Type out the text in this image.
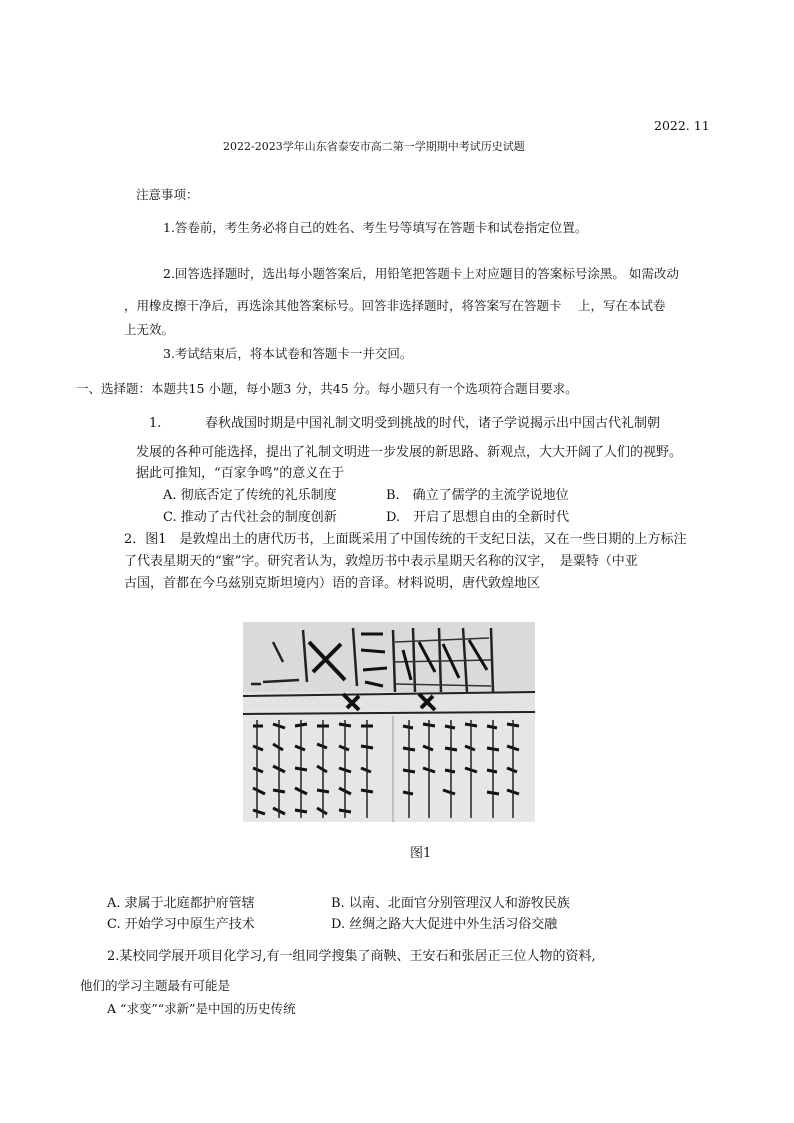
2022. 11
2022-2023学年山东省泰安市高二第一学期期中考试历史试题
注意事项：
1.答卷前，考生务必将自己的姓名、考生号等填写在答题卡和试卷指定位置。
2.回答选择题时，选出每小题答案后，用铅笔把答题卡上对应题目的答案标号涂黑。 如需改动
，用橡皮擦干净后，再选涂其他答案标号。回答非选择题时，将答案写在答题卡　 上，写在本试卷
上无效。
3.考试结束后，将本试卷和答题卡一并交回。
一、选择题：本题共15 小题，每小题3 分，共45 分。每小题只有一个选项符合题目要求。
1.	春秋战国时期是中国礼制文明受到挑战的时代，诸子学说揭示出中国古代礼制朝
发展的各种可能选择，提出了礼制文明进一步发展的新思路、新观点，大大开阔了人们的视野。
据此可推知，“百家争鸣”的意义在于
A. 彻底否定了传统的礼乐制度	B.　确立了儒学的主流学说地位
C. 推动了古代社会的制度创新	D.　开启了思想自由的全新时代
2．图1　是敦煌出土的唐代历书，上面既采用了中国传统的干支纪日法，又在一些日期的上方标注
了代表星期天的“蜜”字。研究者认为，敦煌历书中表示星期天名称的汉字，　是粟特（中亚
古国，首都在今乌兹别克斯坦境内）语的音译。材料说明，唐代敦煌地区
图1
A. 隶属于北庭都护府管辖	B. 以南、北面官分别管理汉人和游牧民族
C. 开始学习中原生产技术	D. 丝绸之路大大促进中外生活习俗交融
2.某校同学展开项目化学习,有一组同学搜集了商鞅、王安石和张居正三位人物的资料,
他们的学习主题最有可能是
A “求变”“求新”是中国的历史传统
